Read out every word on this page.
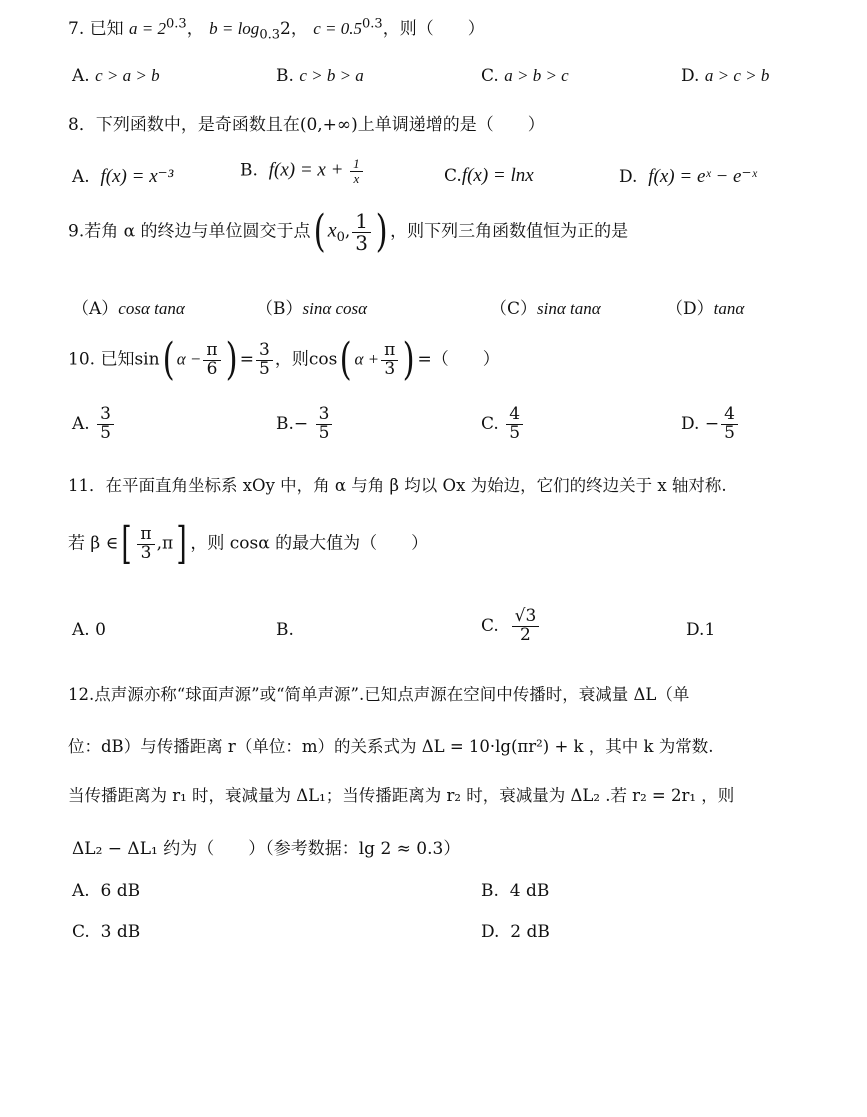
7. 已知 $a = 2^{0.3}$， $b = \log_{0.3}2$， $c = 0.5^{0.3}$，则（　　）
A. c > a > b	B. c > b > a	C. a > b > c	D. a > c > b
8．下列函数中，是奇函数且在(0,+∞)上单调递增的是（　　）
A. f(x) = x⁻³	B. $f(x) = x + \frac{1}{x}$	C.f(x) = lnx	D. f(x) = eˣ − e⁻ˣ
9.若角 α 的终边与单位圆交于点( $x_0$, $\frac{1}{3}$ ) ，则下列三角函数值恒为正的是
（A）cosα tanα	（B）sinα cosα	（C）sinα tanα	（D）tanα
10. 已知sin( $\alpha - \frac{\pi}{6}$ ) = $\frac{3}{5}$ ，则cos( $\alpha + \frac{\pi}{3}$ ) =（　　）
A. $\frac{3}{5}$	$B.- \frac{3}{5}$	C. $\frac{4}{5}$	D. − $\frac{4}{5}$
11．在平面直角坐标系 xOy 中，角 α 与角 β 均以 Ox 为始边，它们的终边关于 x 轴对称.
若 β ∈[ $\frac{\pi}{3} ,\pi$] ，则 cosα 的最大值为（　　）
A. 0	B.	C. $\frac{√3}{2}$	D.1
12.点声源亦称“球面声源”或“简单声源”.已知点声源在空间中传播时，衰减量 ΔL（单
位：dB）与传播距离 r（单位：m）的关系式为 ΔL = 10·lg(πr²) + k ，其中 k 为常数.
当传播距离为 r₁ 时，衰减量为 ΔL₁；当传播距离为 r₂ 时，衰减量为 ΔL₂ .若 r₂ = 2r₁ ，则
ΔL₂ − ΔL₁ 约为（　　）（参考数据：lg 2 ≈ 0.3）
A. 6 dB	B. 4 dB
C. 3 dB	D. 2 dB
